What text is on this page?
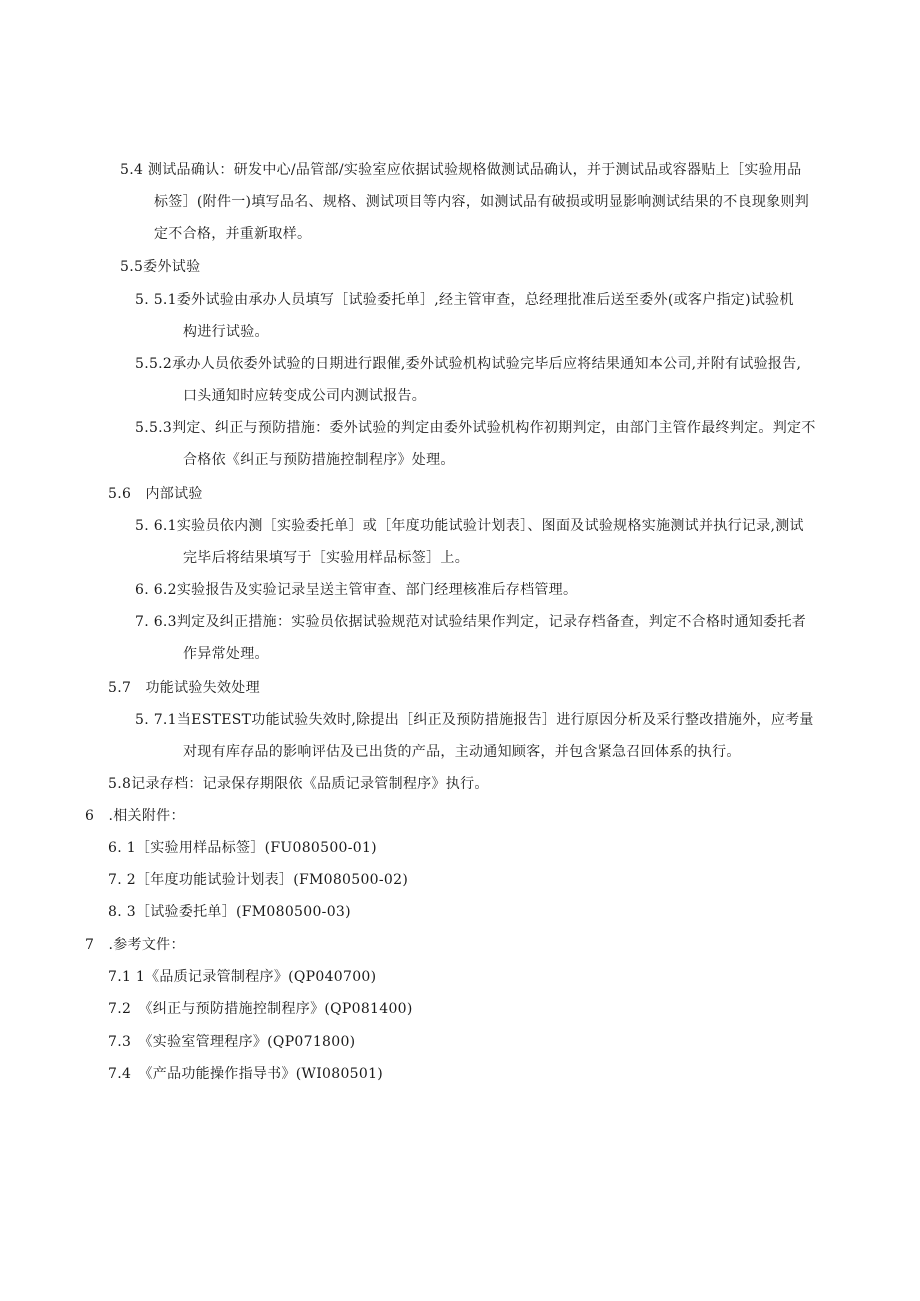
5.4 测试品确认：研发中心/品管部/实验室应依据试验规格做测试品确认，并于测试品或容器贴上［实验用品
标签］(附件一)填写品名、规格、测试项目等内容，如测试品有破损或明显影响测试结果的不良现象则判
定不合格，并重新取样。
5.5委外试验
5. 5.1委外试验由承办人员填写［试验委托单］,经主管审查，总经理批准后送至委外(或客户指定)试验机
构进行试验。
5.5.2承办人员依委外试验的日期进行跟催,委外试验机构试验完毕后应将结果通知本公司,并附有试验报告,
口头通知时应转变成公司内测试报告。
5.5.3判定、纠正与预防措施：委外试验的判定由委外试验机构作初期判定，由部门主管作最终判定。判定不
合格依《纠正与预防措施控制程序》处理。
5.6　内部试验
5. 6.1实验员依内测［实验委托单］或［年度功能试验计划表］、图面及试验规格实施测试并执行记录,测试
完毕后将结果填写于［实验用样品标签］上。
6. 6.2实验报告及实验记录呈送主管审查、部门经理核准后存档管理。
7. 6.3判定及纠正措施：实验员依据试验规范对试验结果作判定，记录存档备查，判定不合格时通知委托者
作异常处理。
5.7　功能试验失效处理
5. 7.1当ESTEST功能试验失效时,除提出［纠正及预防措施报告］进行原因分析及采行整改措施外，应考量
对现有库存品的影响评估及已出货的产品，主动通知顾客，并包含紧急召回体系的执行。
5.8记录存档：记录保存期限依《品质记录管制程序》执行。
6　.相关附件：
6. 1［实验用样品标签］(FU080500-01)
7. 2［年度功能试验计划表］(FM080500-02)
8. 3［试验委托单］(FM080500-03)
7　.参考文件：
7.1 1《品质记录管制程序》(QP040700)
7.2　《纠正与预防措施控制程序》(QP081400)
7.3　《实验室管理程序》(QP071800)
7.4　《产品功能操作指导书》(WI080501)
